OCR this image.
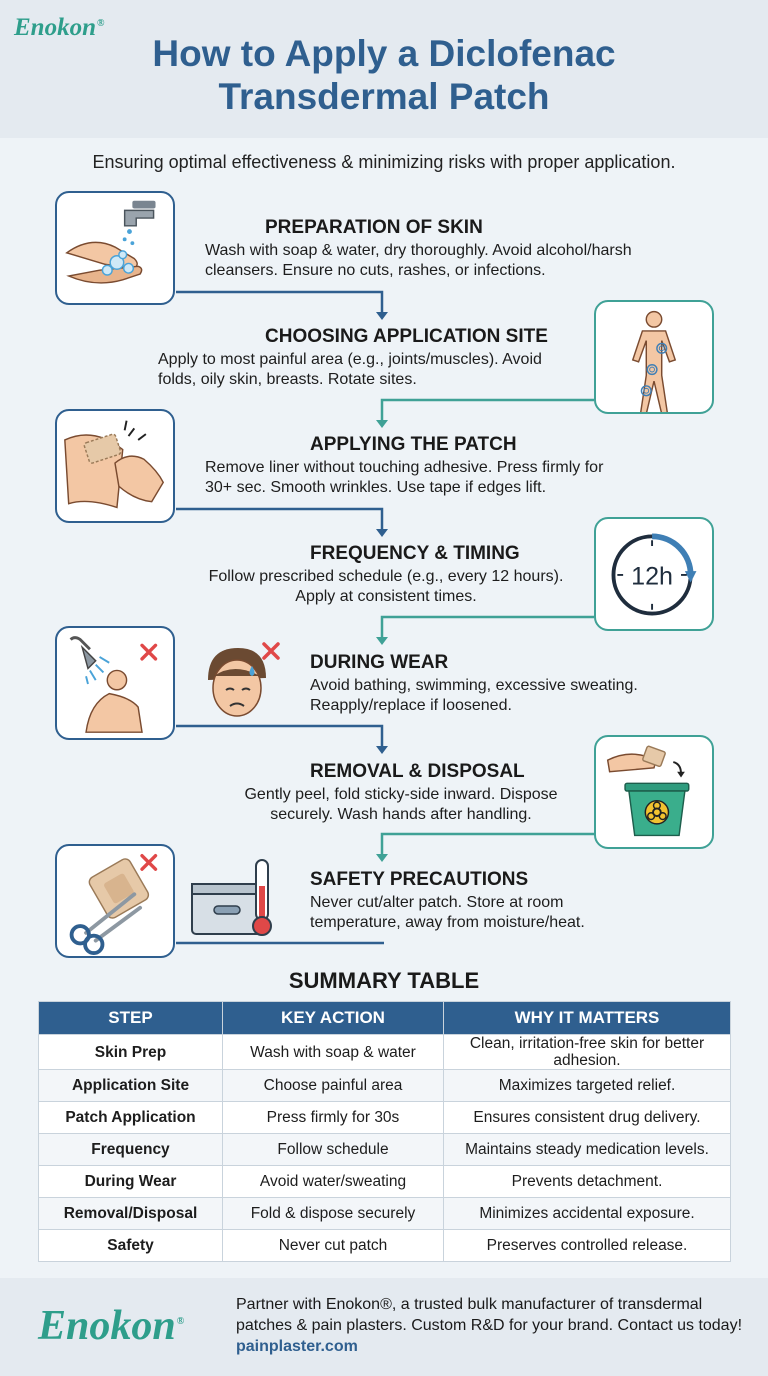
Enokon®
How to Apply a Diclofenac
Transdermal Patch
Ensuring optimal effectiveness & minimizing risks with proper application.
PREPARATION OF SKIN
Wash with soap & water, dry thoroughly. Avoid alcohol/harsh
cleansers. Ensure no cuts, rashes, or infections.
CHOOSING APPLICATION SITE
Apply to most painful area (e.g., joints/muscles). Avoid
folds, oily skin, breasts. Rotate sites.
APPLYING THE PATCH
Remove liner without touching adhesive. Press firmly for
30+ sec. Smooth wrinkles. Use tape if edges lift.
12h
FREQUENCY & TIMING
Follow prescribed schedule (e.g., every 12 hours).
Apply at consistent times.
DURING WEAR
Avoid bathing, swimming, excessive sweating.
Reapply/replace if loosened.
REMOVAL & DISPOSAL
Gently peel, fold sticky-side inward. Dispose
securely. Wash hands after handling.
SAFETY PRECAUTIONS
Never cut/alter patch. Store at room
temperature, away from moisture/heat.
SUMMARY TABLE
STEP	KEY ACTION	WHY IT MATTERS
Skin Prep	Wash with soap & water	Clean, irritation-free skin for better adhesion.
Application Site	Choose painful area	Maximizes targeted relief.
Patch Application	Press firmly for 30s	Ensures consistent drug delivery.
Frequency	Follow schedule	Maintains steady medication levels.
During Wear	Avoid water/sweating	Prevents detachment.
Removal/Disposal	Fold & dispose securely	Minimizes accidental exposure.
Safety	Never cut patch	Preserves controlled release.
Enokon®
Partner with Enokon®, a trusted bulk manufacturer of transdermal patches & pain plasters. Custom R&D for your brand. Contact us today! painplaster.com
